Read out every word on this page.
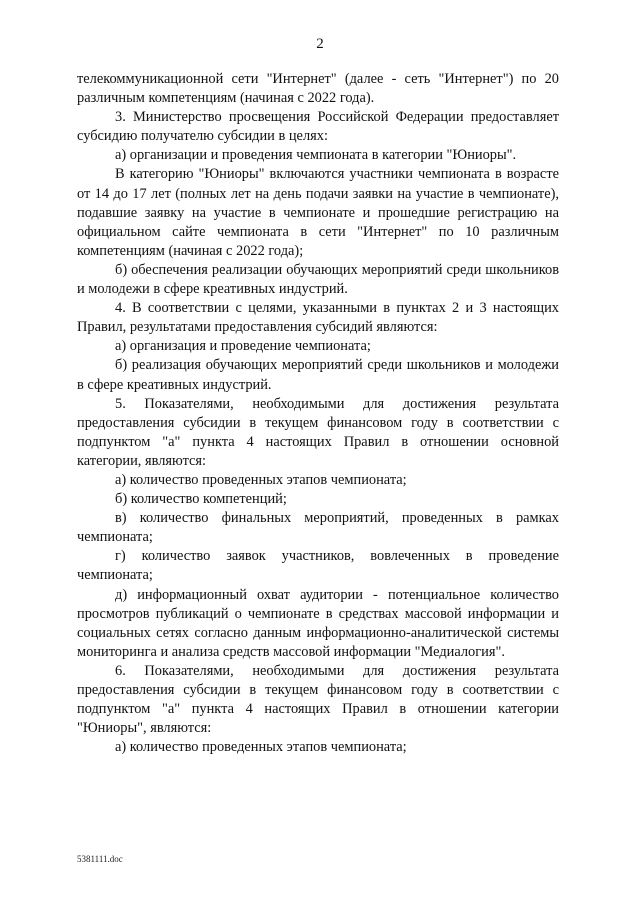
2

телекоммуникационной сети "Интернет" (далее - сеть "Интернет") по 20 различным компетенциям (начиная с 2022 года).

3. Министерство просвещения Российской Федерации предоставляет субсидию получателю субсидии в целях:

а) организации и проведения чемпионата в категории "Юниоры".

В категорию "Юниоры" включаются участники чемпионата в возрасте от 14 до 17 лет (полных лет на день подачи заявки на участие в чемпионате), подавшие заявку на участие в чемпионате и прошедшие регистрацию на официальном сайте чемпионата в сети "Интернет" по 10 различным компетенциям (начиная с 2022 года);

б) обеспечения реализации обучающих мероприятий среди школьников и молодежи в сфере креативных индустрий.

4. В соответствии с целями, указанными в пунктах 2 и 3 настоящих Правил, результатами предоставления субсидий являются:

а) организация и проведение чемпионата;

б) реализация обучающих мероприятий среди школьников и молодежи в сфере креативных индустрий.

5. Показателями, необходимыми для достижения результата предоставления субсидии в текущем финансовом году в соответствии с подпунктом "а" пункта 4 настоящих Правил в отношении основной категории, являются:

а) количество проведенных этапов чемпионата;

б) количество компетенций;

в) количество финальных мероприятий, проведенных в рамках чемпионата;

г) количество заявок участников, вовлеченных в проведение чемпионата;

д) информационный охват аудитории - потенциальное количество просмотров публикаций о чемпионате в средствах массовой информации и социальных сетях согласно данным информационно-аналитической системы мониторинга и анализа средств массовой информации "Медиалогия".

6. Показателями, необходимыми для достижения результата предоставления субсидии в текущем финансовом году в соответствии с подпунктом "а" пункта 4 настоящих Правил в отношении категории "Юниоры", являются:

а) количество проведенных этапов чемпионата;

5381111.doc
